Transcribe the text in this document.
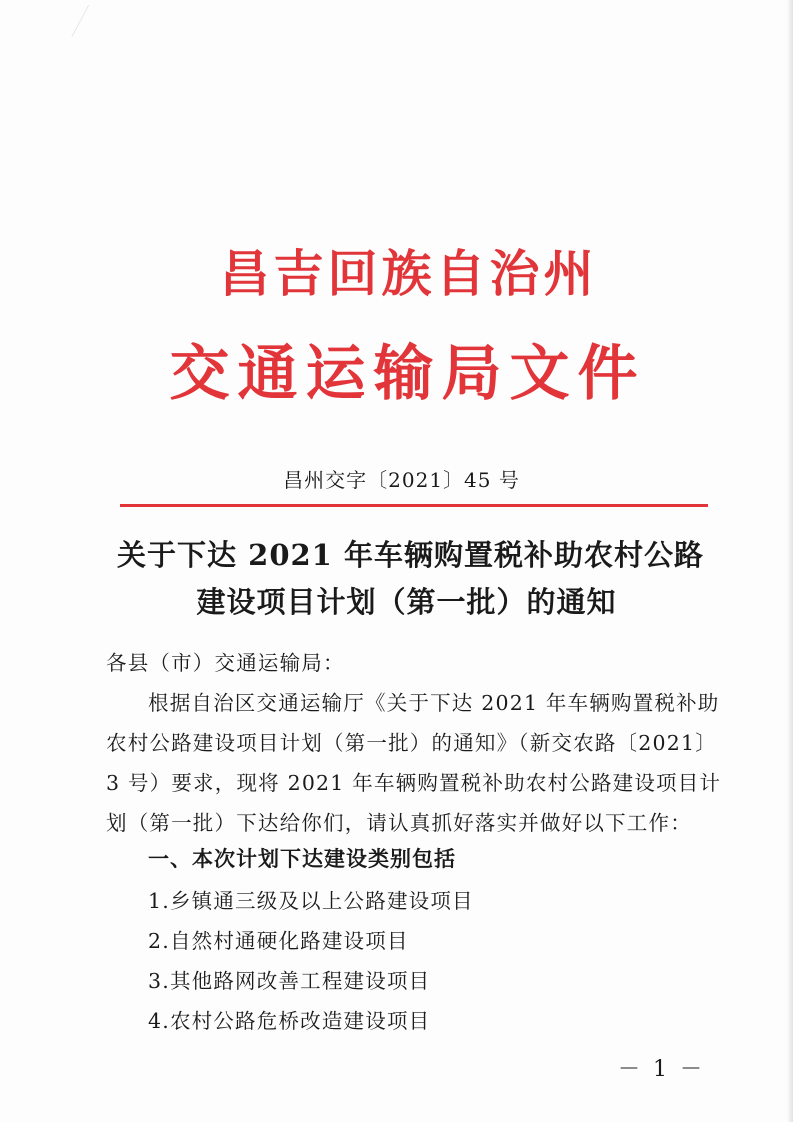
昌吉回族自治州
交通运输局文件
昌州交字〔2021〕45 号
关于下达 2021 年车辆购置税补助农村公路
建设项目计划（第一批）的通知
各县（市）交通运输局：
根据自治区交通运输厅《关于下达 2021 年车辆购置税补助
农村公路建设项目计划（第一批）的通知》（新交农路〔2021〕
3 号）要求，现将 2021 年车辆购置税补助农村公路建设项目计
划（第一批）下达给你们，请认真抓好落实并做好以下工作：
一、本次计划下达建设类别包括
1.乡镇通三级及以上公路建设项目
2.自然村通硬化路建设项目
3.其他路网改善工程建设项目
4.农村公路危桥改造建设项目
－ 1 －
